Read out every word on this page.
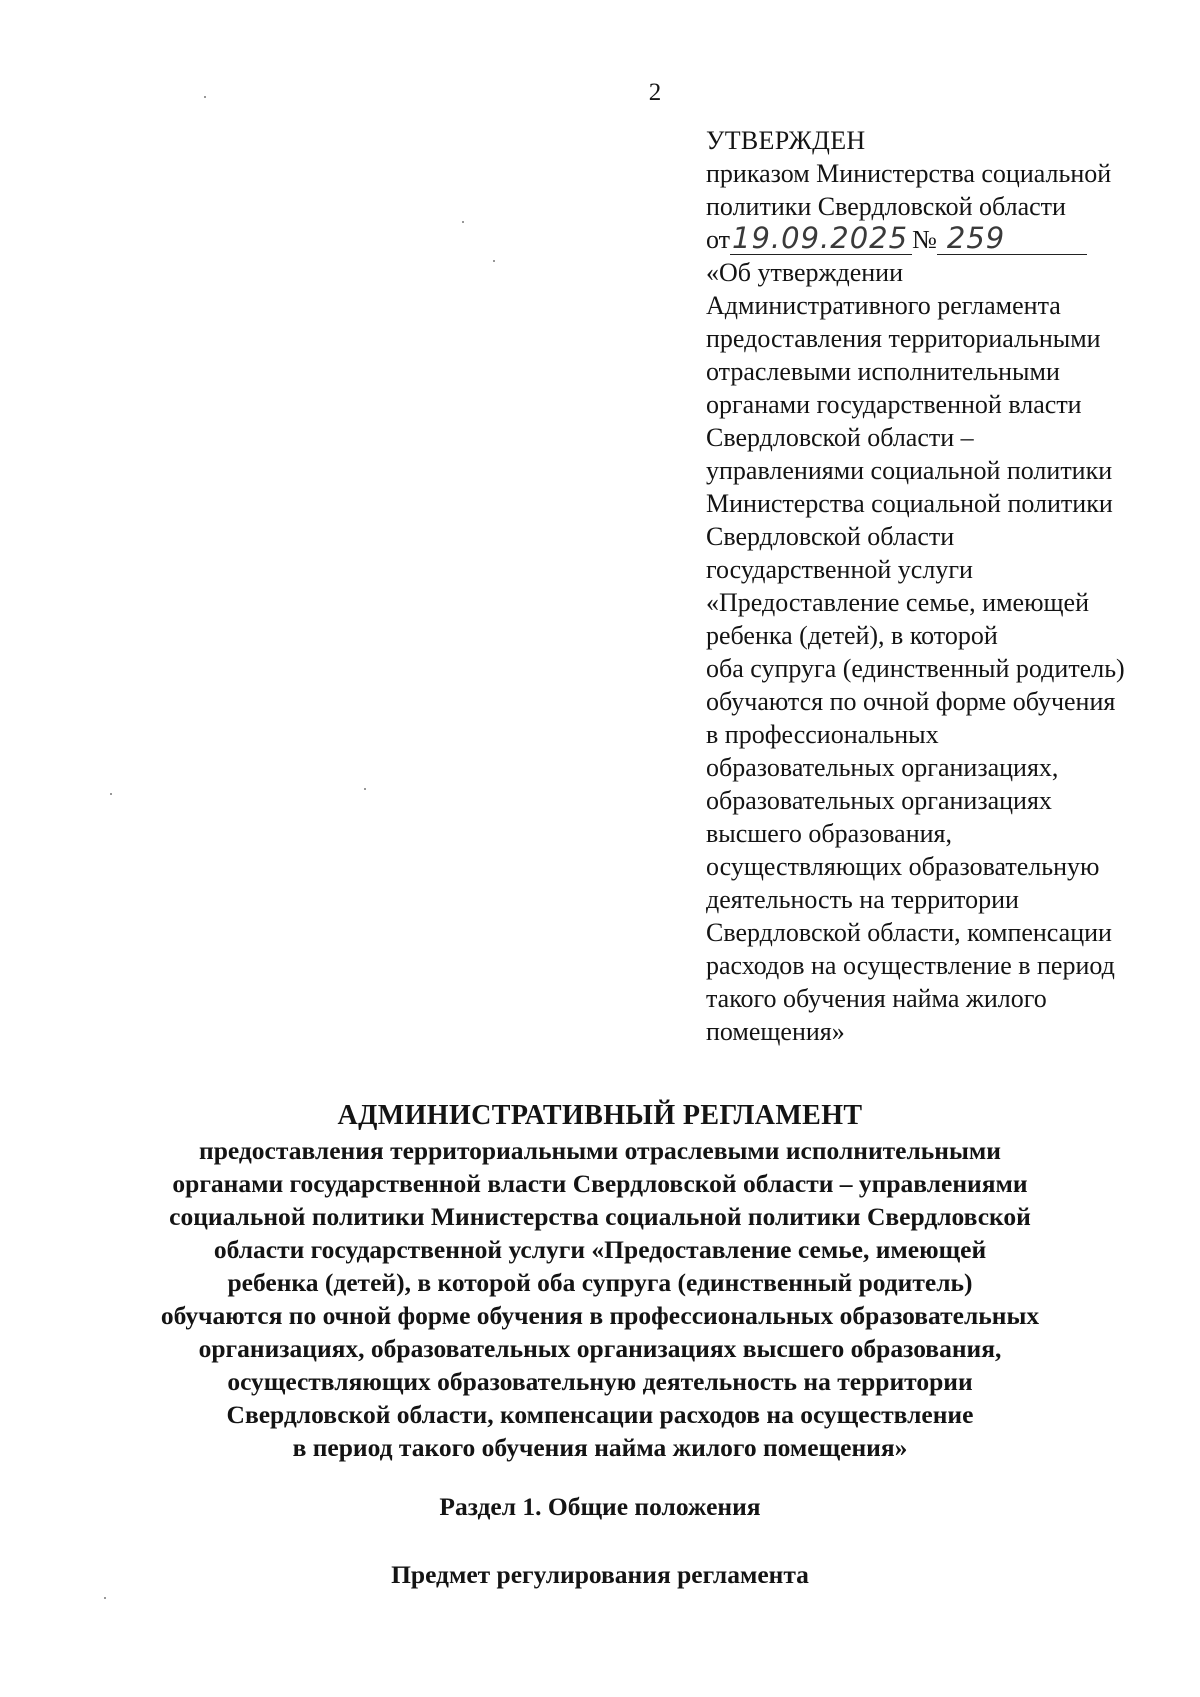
2
УТВЕРЖДЕН
приказом Министерства социальной
политики Свердловской области
от19.09.2025 № 259
«Об утверждении
Административного регламента
предоставления территориальными
отраслевыми исполнительными
органами государственной власти
Свердловской области –
управлениями социальной политики
Министерства социальной политики
Свердловской области
государственной услуги
«Предоставление семье, имеющей
ребенка (детей), в которой
оба супруга (единственный родитель)
обучаются по очной форме обучения
в профессиональных
образовательных организациях,
образовательных организациях
высшего образования,
осуществляющих образовательную
деятельность на территории
Свердловской области, компенсации
расходов на осуществление в период
такого обучения найма жилого
помещения»
АДМИНИСТРАТИВНЫЙ РЕГЛАМЕНТ
предоставления территориальными отраслевыми исполнительными
органами государственной власти Свердловской области – управлениями
социальной политики Министерства социальной политики Свердловской
области государственной услуги «Предоставление семье, имеющей
ребенка (детей), в которой оба супруга (единственный родитель)
обучаются по очной форме обучения в профессиональных образовательных
организациях, образовательных организациях высшего образования,
осуществляющих образовательную деятельность на территории
Свердловской области, компенсации расходов на осуществление
в период такого обучения найма жилого помещения»
Раздел 1. Общие положения
Предмет регулирования регламента
